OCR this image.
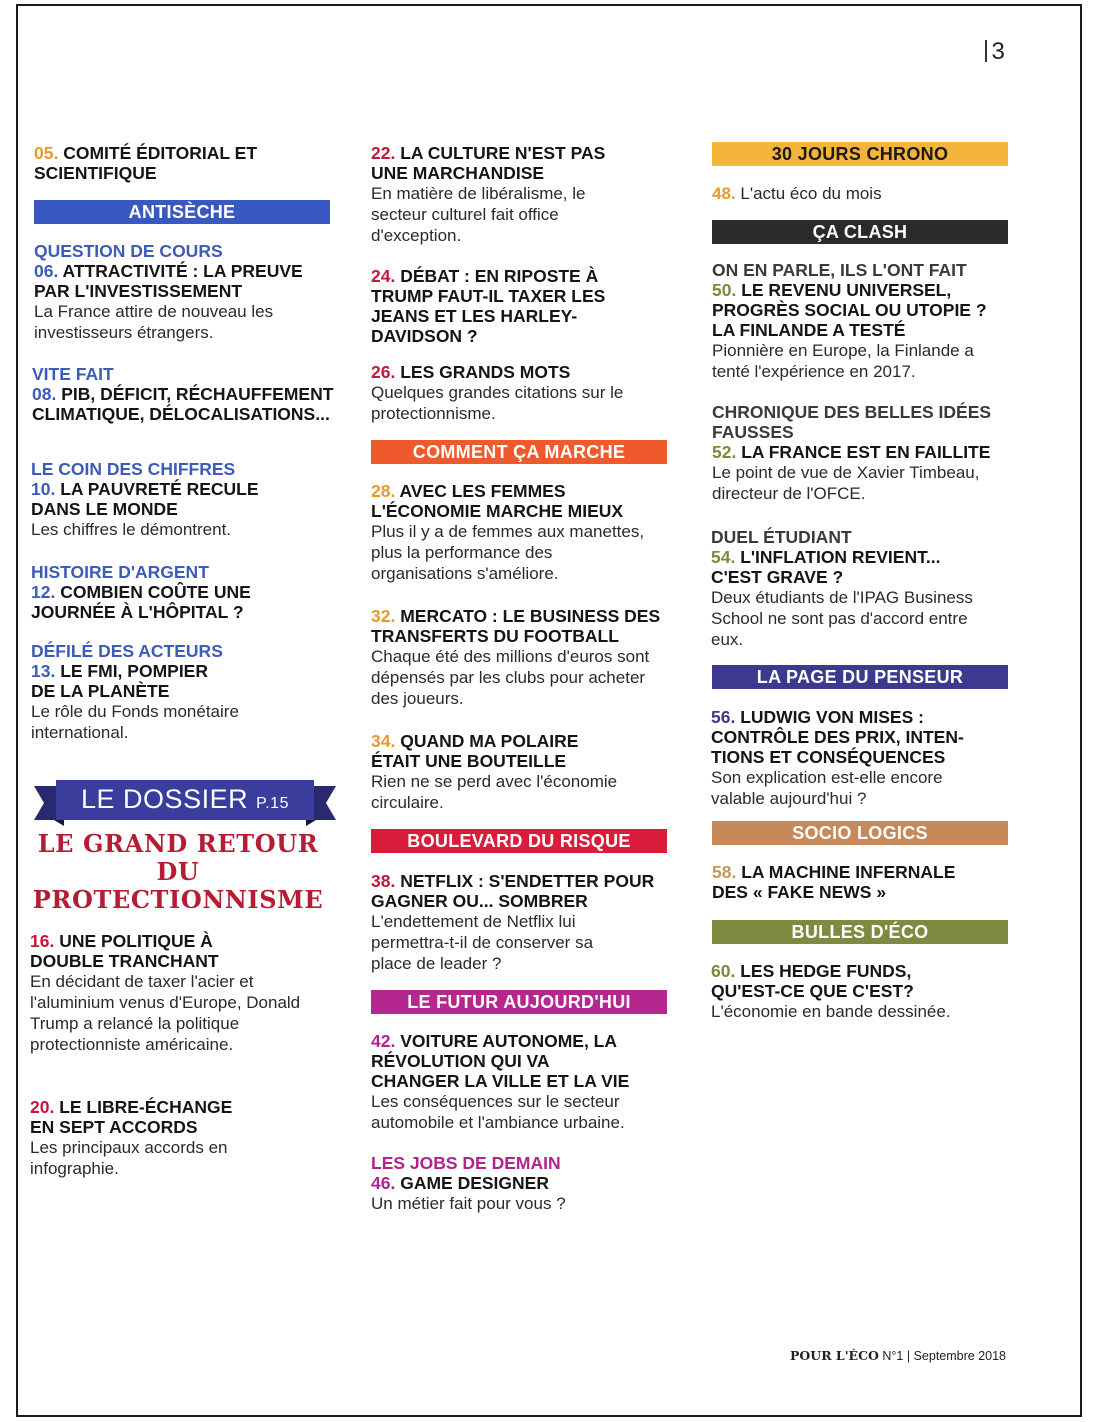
3
05. COMITÉ ÉDITORIAL ET SCIENTIFIQUE
ANTISÈCHE
QUESTION DE COURS
06. ATTRACTIVITÉ : LA PREUVE PAR L'INVESTISSEMENT
La France attire de nouveau les investisseurs étrangers.
VITE FAIT
08. PIB, DÉFICIT, RÉCHAUFFEMENT CLIMATIQUE, DÉLOCALISATIONS...
LE COIN DES CHIFFRES
10. LA PAUVRETÉ RECULE DANS LE MONDE
Les chiffres le démontrent.
HISTOIRE D'ARGENT
12. COMBIEN COÛTE UNE JOURNÉE À L'HÔPITAL ?
DÉFILÉ DES ACTEURS
13. LE FMI, POMPIER DE LA PLANÈTE
Le rôle du Fonds monétaire international.
LE DOSSIER P.15
LE GRAND RETOUR DU PROTECTIONNISME
16. UNE POLITIQUE À DOUBLE TRANCHANT
En décidant de taxer l'acier et l'aluminium venus d'Europe, Donald Trump a relancé la politique protectionniste américaine.
20. LE LIBRE-ÉCHANGE EN SEPT ACCORDS
Les principaux accords en infographie.
22. LA CULTURE N'EST PAS UNE MARCHANDISE
En matière de libéralisme, le secteur culturel fait office d'exception.
24. DÉBAT : EN RIPOSTE À TRUMP FAUT-IL TAXER LES JEANS ET LES HARLEY-DAVIDSON ?
26. LES GRANDS MOTS
Quelques grandes citations sur le protectionnisme.
COMMENT ÇA MARCHE
28. AVEC LES FEMMES L'ÉCONOMIE MARCHE MIEUX
Plus il y a de femmes aux manettes, plus la performance des organisations s'améliore.
32. MERCATO : LE BUSINESS DES TRANSFERTS DU FOOTBALL
Chaque été des millions d'euros sont dépensés par les clubs pour acheter des joueurs.
34. QUAND MA POLAIRE ÉTAIT UNE BOUTEILLE
Rien ne se perd avec l'économie circulaire.
BOULEVARD DU RISQUE
38. NETFLIX : S'ENDETTER POUR GAGNER OU... SOMBRER
L'endettement de Netflix lui permettra-t-il de conserver sa place de leader ?
LE FUTUR AUJOURD'HUI
42. VOITURE AUTONOME, LA RÉVOLUTION QUI VA CHANGER LA VILLE ET LA VIE
Les conséquences sur le secteur automobile et l'ambiance urbaine.
LES JOBS DE DEMAIN
46. GAME DESIGNER
Un métier fait pour vous ?
30 JOURS CHRONO
48. L'actu éco du mois
ÇA CLASH
ON EN PARLE, ILS L'ONT FAIT
50. LE REVENU UNIVERSEL, PROGRÈS SOCIAL OU UTOPIE ? LA FINLANDE A TESTÉ
Pionnière en Europe, la Finlande a tenté l'expérience en 2017.
CHRONIQUE DES BELLES IDÉES FAUSSES
52. LA FRANCE EST EN FAILLITE
Le point de vue de Xavier Timbeau, directeur de l'OFCE.
DUEL ÉTUDIANT
54. L'INFLATION REVIENT... C'EST GRAVE ?
Deux étudiants de l'IPAG Business School ne sont pas d'accord entre eux.
LA PAGE DU PENSEUR
56. LUDWIG VON MISES : CONTRÔLE DES PRIX, INTEN-TIONS ET CONSÉQUENCES
Son explication est-elle encore valable aujourd'hui ?
SOCIO LOGICS
58. LA MACHINE INFERNALE DES « FAKE NEWS »
BULLES D'ÉCO
60. LES HEDGE FUNDS, QU'EST-CE QUE C'EST?
L'économie en bande dessinée.
POUR L'ÉCO N°1 | Septembre 2018
